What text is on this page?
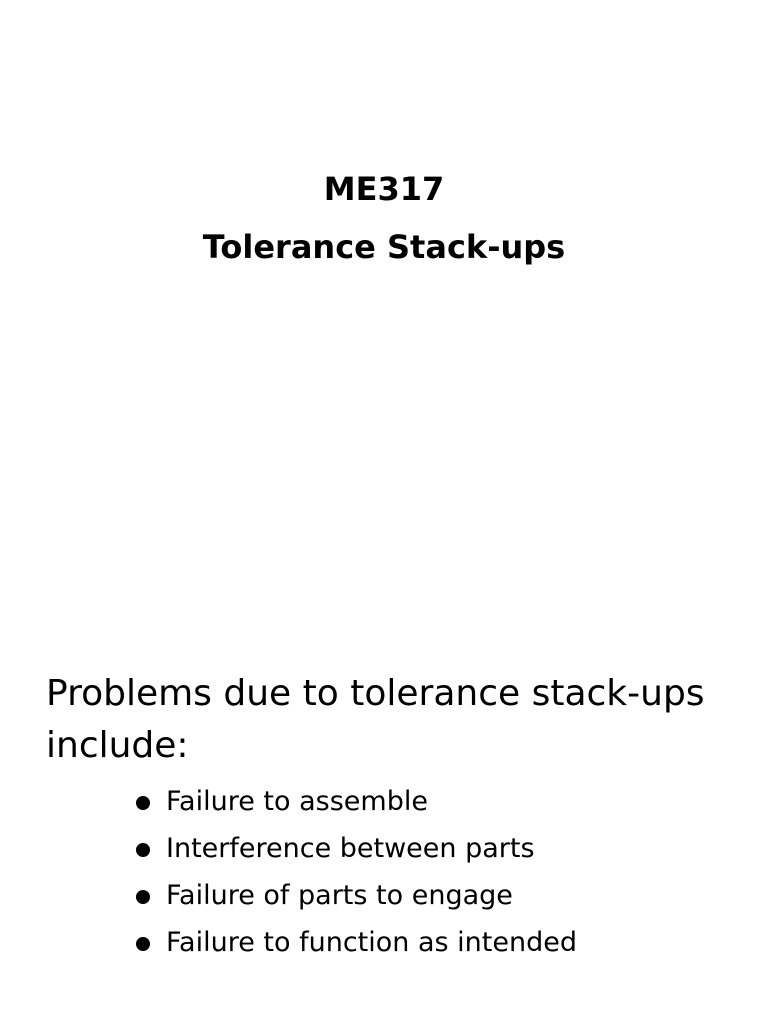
ME317
Tolerance Stack-ups

Problems due to tolerance stack-ups
include:

Failure to assemble
Interference between parts
Failure of parts to engage
Failure to function as intended
